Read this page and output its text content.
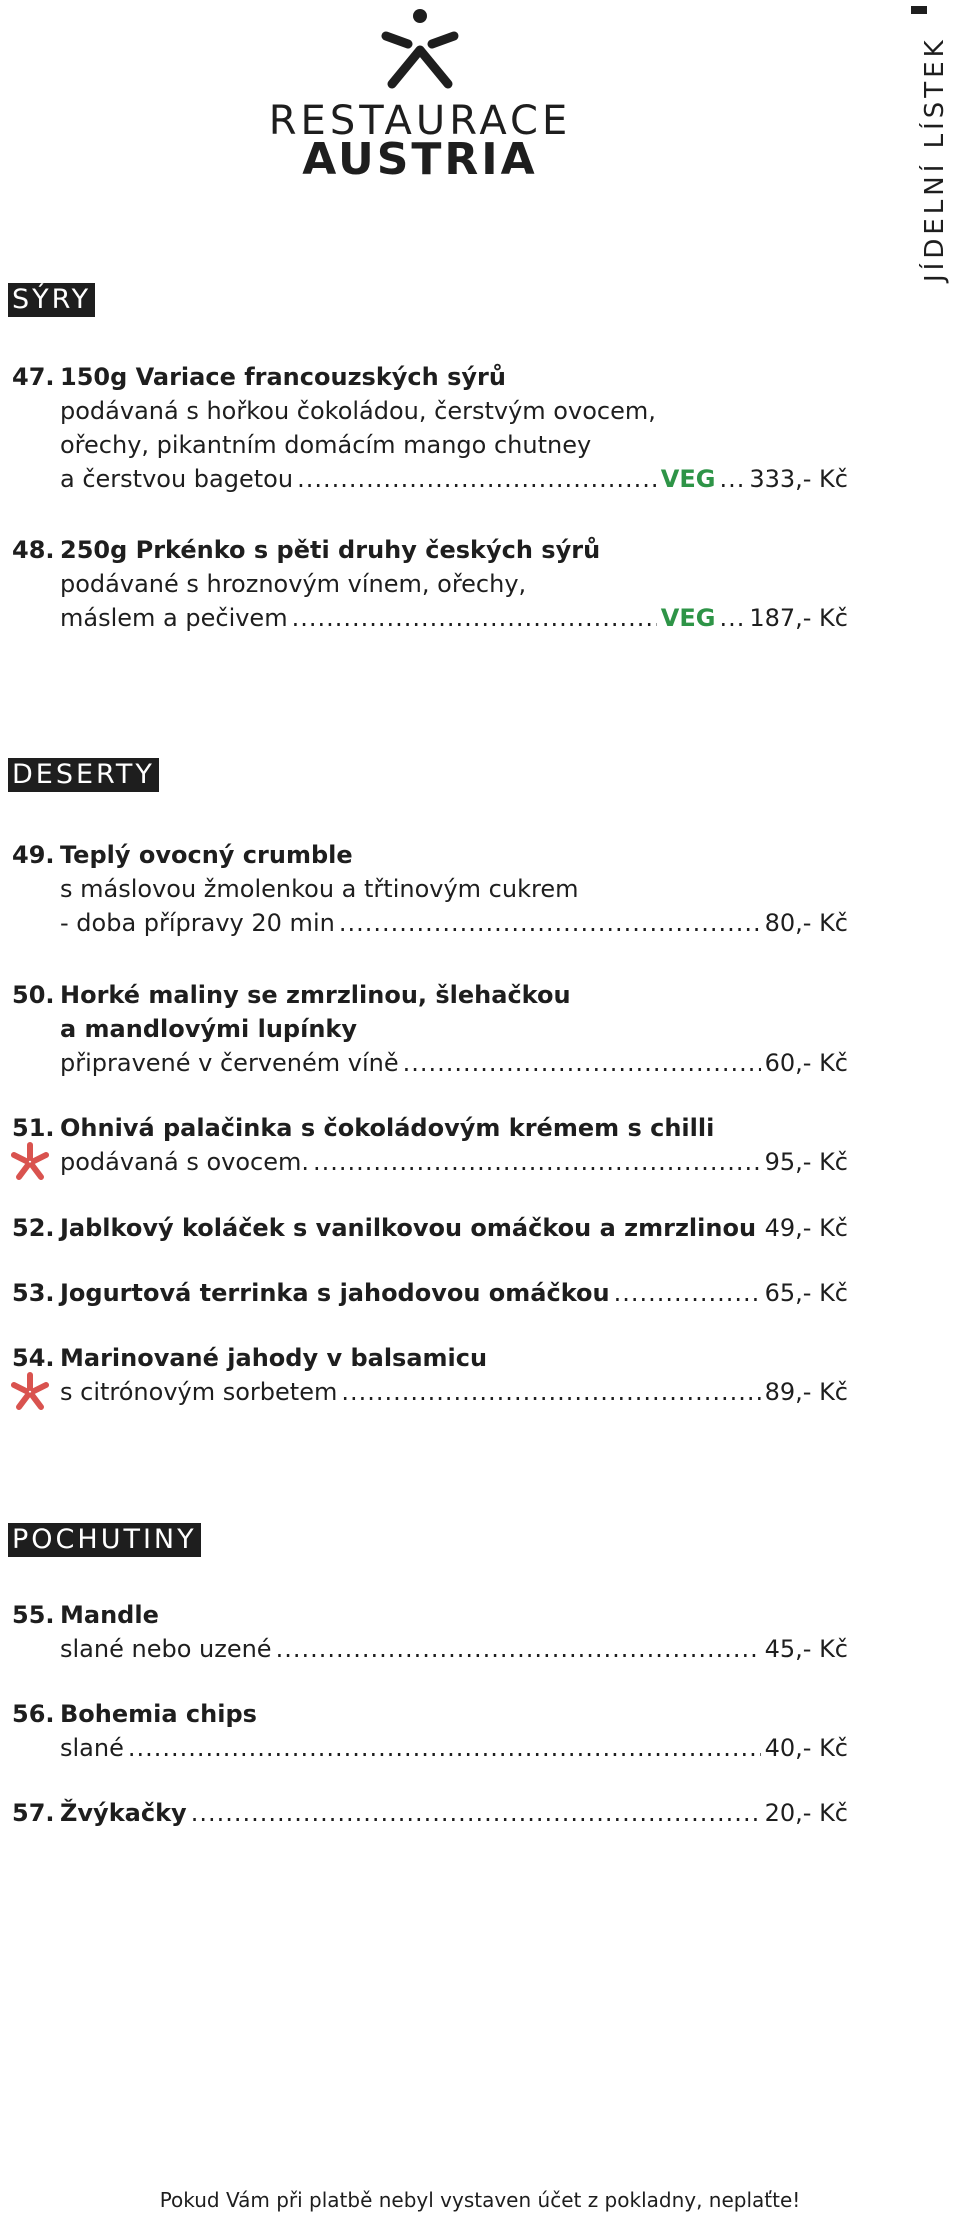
RESTAURACE
AUSTRIA	JÍDELNÍ LÍSTEK
SÝRY
47. 150g Variace francouzských sýrů
podávaná s hořkou čokoládou, čerstvým ovocem,
ořechy, pikantním domácím mango chutney
a čerstvou bagetou .....	VEG ... 333,- Kč
48. 250g Prkénko s pěti druhy českých sýrů
podávané s hroznovým vínem, ořechy,
máslem a pečivem .....	VEG ... 187,- Kč
DESERTY
49. Teplý ovocný crumble
s máslovou žmolenkou a třtinovým cukrem
- doba přípravy 20 min .....	80,- Kč
50. Horké maliny se zmrzlinou, šlehačkou
a mandlovými lupínky
připravené v červeném víně .....	60,- Kč
51. Ohnivá palačinka s čokoládovým krémem s chilli
podávaná s ovocem. .....	95,- Kč
52. Jablkový koláček s vanilkovou omáčkou a zmrzlinou ..... 49,- Kč
53. Jogurtová terrinka s jahodovou omáčkou .....	65,- Kč
54. Marinované jahody v balsamicu
s citrónovým sorbetem .....	89,- Kč
POCHUTINY
55. Mandle
slané nebo uzené .....	45,- Kč
56. Bohemia chips
slané .....	40,- Kč
57. Žvýkačky .....	20,- Kč
Pokud Vám při platbě nebyl vystaven účet z pokladny, neplaťte!
